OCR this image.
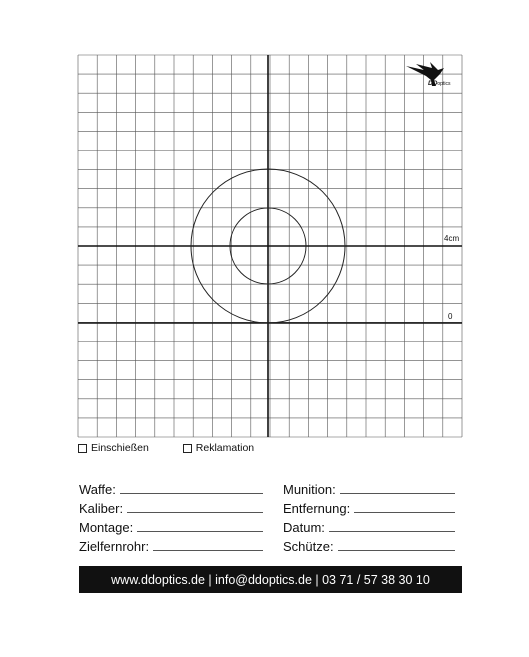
DDoptics
4cm
0
Einschießen	Reklamation
Waffe:	Munition:
Kaliber:	Entfernung:
Montage:	Datum:
Zielfernrohr:	Schütze:
www.ddoptics.de | info@ddoptics.de | 03 71 / 57 38 30 10
